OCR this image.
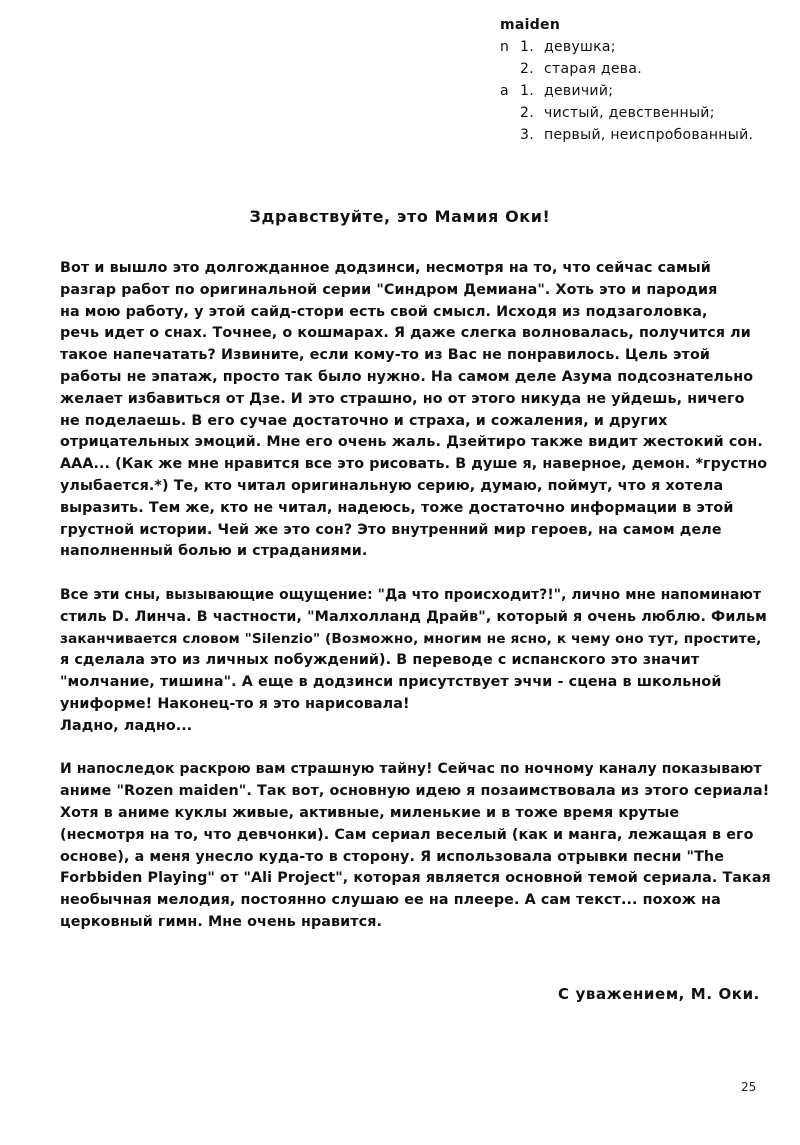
maiden
n 1. девушка;
2. старая дева.
a 1. девичий;
2. чистый, девственный;
3. первый, неиспробованный.
Здравствуйте, это Мамия Оки!
Вот и вышло это долгожданное додзинси, несмотря на то, что сейчас самый
разгар работ по оригинальной серии "Синдром Демиана". Хоть это и пародия
на мою работу, у этой сайд-стори есть свой смысл. Исходя из подзаголовка,
речь идет о снах. Точнее, о кошмарах. Я даже слегка волновалась, получится ли
такое напечатать? Извините, если кому-то из Вас не понравилось. Цель этой
работы не эпатаж, просто так было нужно. На самом деле Азума подсознательно
желает избавиться от Дзе. И это страшно, но от этого никуда не уйдешь, ничего
не поделаешь. В его сучае достаточно и страха, и сожаления, и других
отрицательных эмоций. Мне его очень жаль. Дзейтиро также видит жестокий сон.
ААА... (Как же мне нравится все это рисовать. В душе я, наверное, демон. *грустно
улыбается.*) Те, кто читал оригинальную серию, думаю, поймут, что я хотела
выразить. Тем же, кто не читал, надеюсь, тоже достаточно информации в этой
грустной истории. Чей же это сон? Это внутренний мир героев, на самом деле
наполненный болью и страданиями.
Все эти сны, вызывающие ощущение: "Да что происходит?!", лично мне напоминают
стиль D. Линча. В частности, "Малхолланд Драйв", который я очень люблю. Фильм
заканчивается словом "Silenzio" (Возможно, многим не ясно, к чему оно тут, простите,
я сделала это из личных побуждений). В переводе с испанского это значит
"молчание, тишина". А еще в додзинси присутствует эччи - сцена в школьной
униформе! Наконец-то я это нарисовала!
Ладно, ладно...
И напоследок раскрою вам страшную тайну! Сейчас по ночному каналу показывают
аниме "Rozen maiden". Так вот, основную идею я позаимствовала из этого сериала!
Хотя в аниме куклы живые, активные, миленькие и в тоже время крутые
(несмотря на то, что девчонки). Сам сериал веселый (как и манга, лежащая в его
основе), а меня унесло куда-то в сторону. Я использовала отрывки песни "The
Forbbiden Playing" от "Ali Project", которая является основной темой сериала. Такая
необычная мелодия, постоянно слушаю ее на плеере. А сам текст... похож на
церковный гимн. Мне очень нравится.
С уважением, М. Оки.
25
